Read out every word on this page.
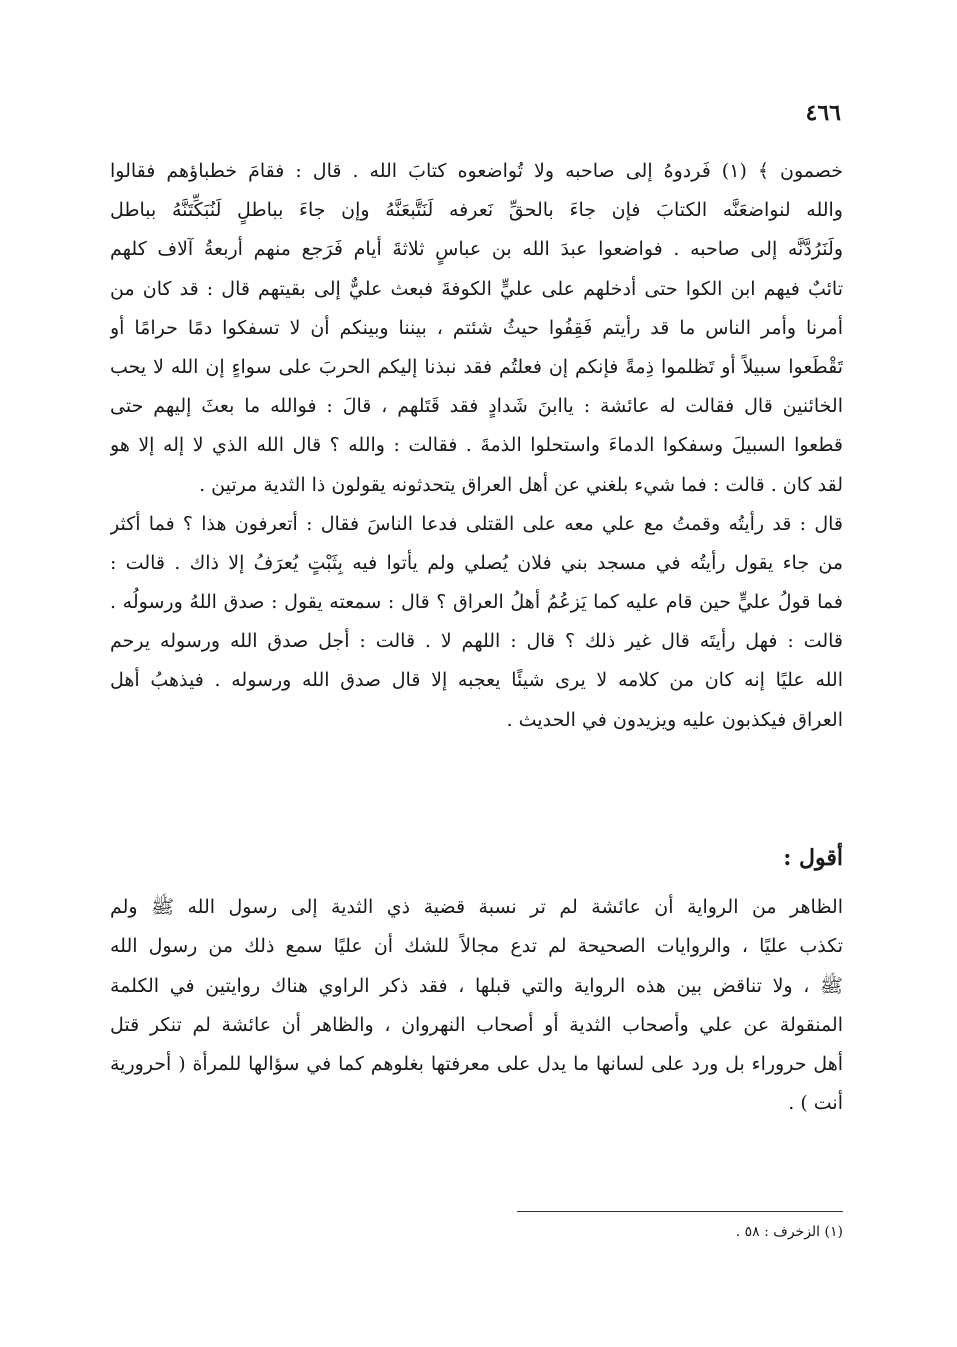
٤٦٦
خصمون ﴾ (١) فَردوهُ إلى صاحبه ولا تُواضعوه كتابَ الله . قال : فقامَ خطباؤهم فقالوا
والله لنواضعَنَّه الكتابَ فإن جاءَ بالحقِّ نَعرفه لَنَتَّبعَنَّهُ وإن جاءَ بباطلٍ لَنُبَكِّتَنَّهُ بباطل
ولَنَرُدَّنَّه إلى صاحبه . فواضعوا عبدَ الله بن عباسٍ ثلاثةَ أيام فَرَجع منهم أربعةُ آلاف كلهم
تائبٌ فيهم ابن الكوا حتى أدخلهم على عليٍّ الكوفةَ فبعث عليٌّ إلى بقيتهم قال : قد كان من
أمرنا وأمر الناس ما قد رأيتم فَقِفُوا حيثُ شئتم ، بيننا وبينكم أن لا تسفكوا دمًا حرامًا أو
تَقْطَعوا سبيلاً أو تَظلموا ذِمةً فإنكم إن فعلتُم فقد نبذنا إليكم الحربَ على سواءٍ إن الله لا يحب
الخائنين قال فقالت له عائشة : ياابنَ شَدادٍ فقد قَتَلهم ، قالَ : فوالله ما بعثَ إليهم حتى
قطعوا السبيلَ وسفكوا الدماءَ واستحلوا الذمةَ . فقالت : والله ؟ قال الله الذي لا إله إلا هو
لقد كان . قالت : فما شيء بلغني عن أهل العراق يتحدثونه يقولون ذا الثدية مرتين .
قال : قد رأيتُه وقمتُ مع علي معه على القتلى فدعا الناسَ فقال : أتعرفون هذا ؟ فما أكثر
من جاء يقول رأيتُه في مسجد بني فلان يُصلي ولم يأتوا فيه بِثَبْتٍ يُعرَفُ إلا ذاك . قالت :
فما قولُ عليٍّ حين قام عليه كما يَزعُمُ أهلُ العراق ؟ قال : سمعته يقول : صدق اللهُ ورسولُه .
قالت : فهل رأيتَه قال غير ذلك ؟ قال : اللهم لا . قالت : أجل صدق الله ورسوله يرحم
الله عليًا إنه كان من كلامه لا يرى شيئًا يعجبه إلا قال صدق الله ورسوله . فيذهبُ أهل
العراق فيكذبون عليه ويزيدون في الحديث .
أقول :
الظاهر من الرواية أن عائشة لم تر نسبة قضية ذي الثدية إلى رسول الله ﷺ ولم
تكذب عليًا ، والروايات الصحيحة لم تدع مجالاً للشك أن عليًا سمع ذلك من رسول الله
ﷺ ، ولا تناقض بين هذه الرواية والتي قبلها ، فقد ذكر الراوي هناك روايتين في الكلمة
المنقولة عن علي وأصحاب الثدية أو أصحاب النهروان ، والظاهر أن عائشة لم تنكر قتل
أهل حروراء بل ورد على لسانها ما يدل على معرفتها بغلوهم كما في سؤالها للمرأة ( أحرورية
أنت ) .
(١) الزخرف : ٥٨ .
